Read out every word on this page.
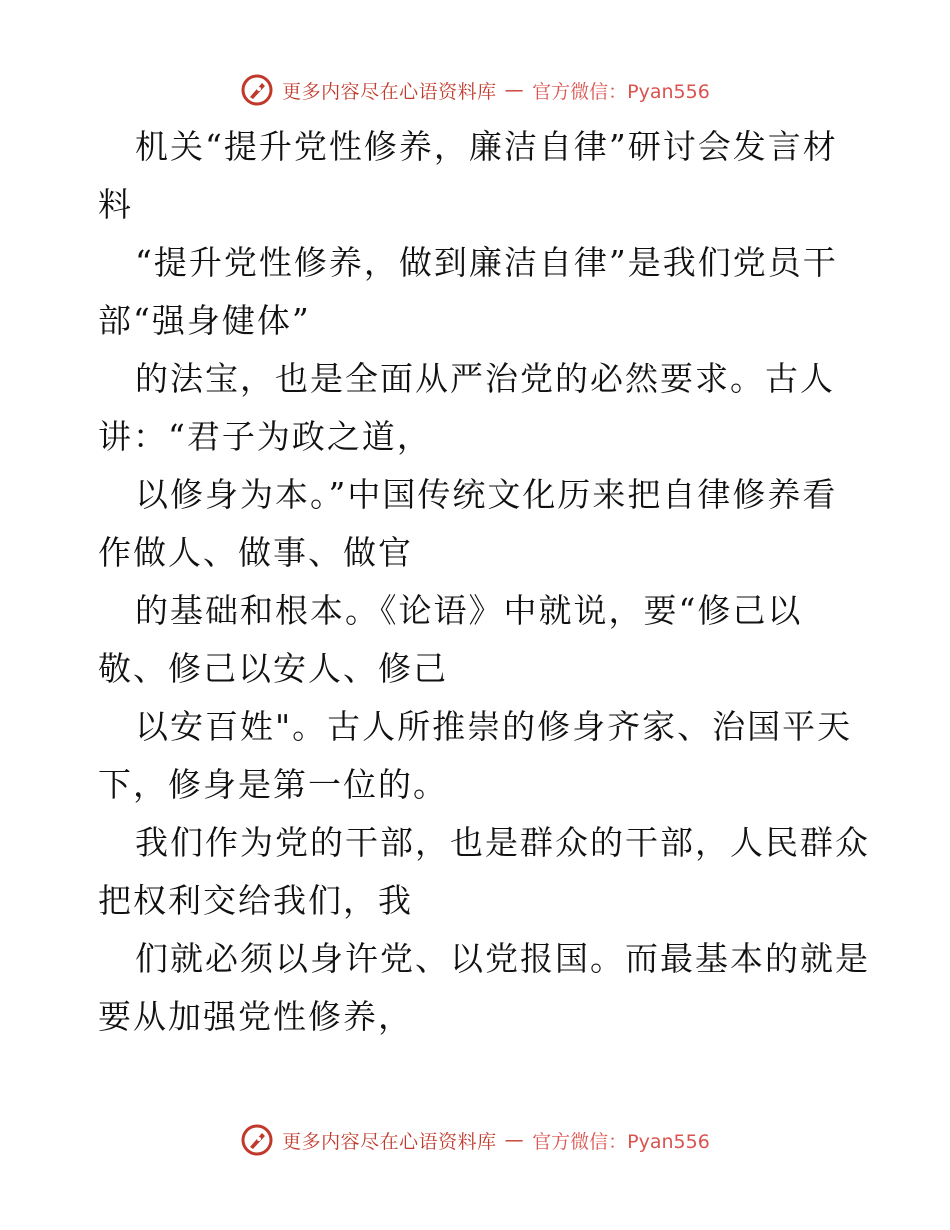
更多内容尽在心语资料库 — 官方微信：Pyan556

机关“提升党性修养，廉洁自律”研讨会发言材

料

“提升党性修养，做到廉洁自律”是我们党员干

部“强身健体”

的法宝，也是全面从严治党的必然要求。古人

讲：“君子为政之道，

以修身为本。”中国传统文化历来把自律修养看

作做人、做事、做官

的基础和根本。《论语》中就说，要“修己以

敬、修己以安人、修己

以安百姓"。古人所推崇的修身齐家、治国平天

下，修身是第一位的。

我们作为党的干部，也是群众的干部，人民群众

把权利交给我们，我

们就必须以身许党、以党报国。而最基本的就是

要从加强党性修养，

更多内容尽在心语资料库 — 官方微信：Pyan556
